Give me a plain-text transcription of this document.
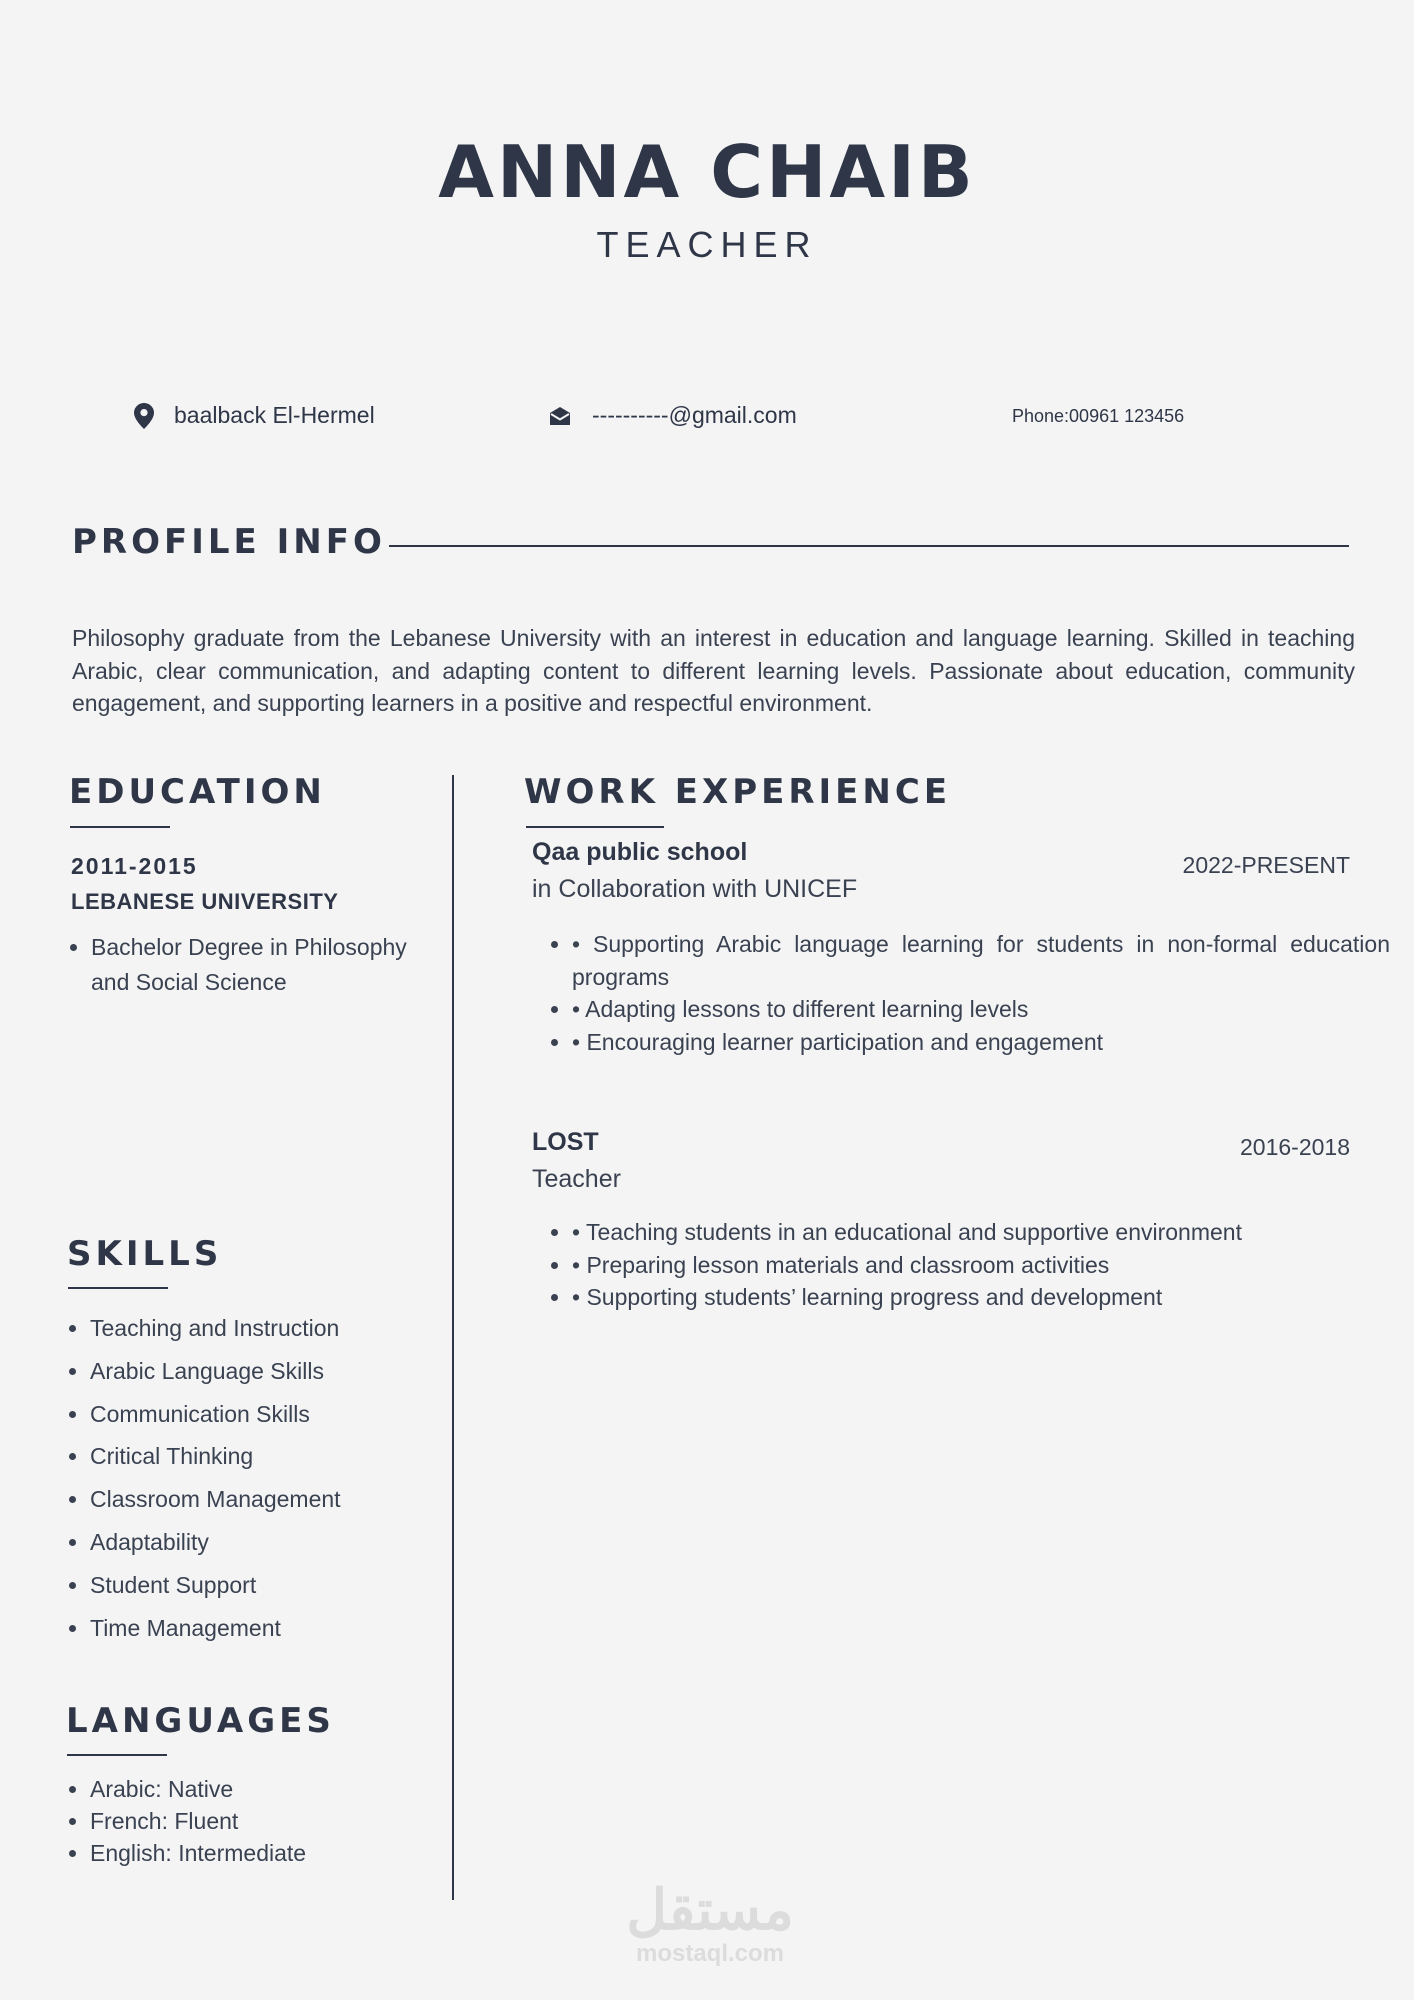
ANNA CHAIB
TEACHER
baalback El-Hermel	----------@gmail.com	Phone:00961 123456
PROFILE INFO
Philosophy graduate from the Lebanese University with an interest in education and language learning. Skilled in teaching Arabic, clear communication, and adapting content to different learning levels. Passionate about education, community engagement, and supporting learners in a positive and respectful environment.
EDUCATION
2011-2015
LEBANESE UNIVERSITY
• Bachelor Degree in Philosophy and Social Science
SKILLS
• Teaching and Instruction
• Arabic Language Skills
• Communication Skills
• Critical Thinking
• Classroom Management
• Adaptability
• Student Support
• Time Management
LANGUAGES
• Arabic: Native
• French: Fluent
• English: Intermediate
WORK EXPERIENCE
Qaa public school
in Collaboration with UNICEF
2022-PRESENT
• • Supporting Arabic language learning for students in non-formal education programs
• • Adapting lessons to different learning levels
• • Encouraging learner participation and engagement
LOST
Teacher
2016-2018
• • Teaching students in an educational and supportive environment
• • Preparing lesson materials and classroom activities
• • Supporting students’ learning progress and development
مستقل
mostaql.com
